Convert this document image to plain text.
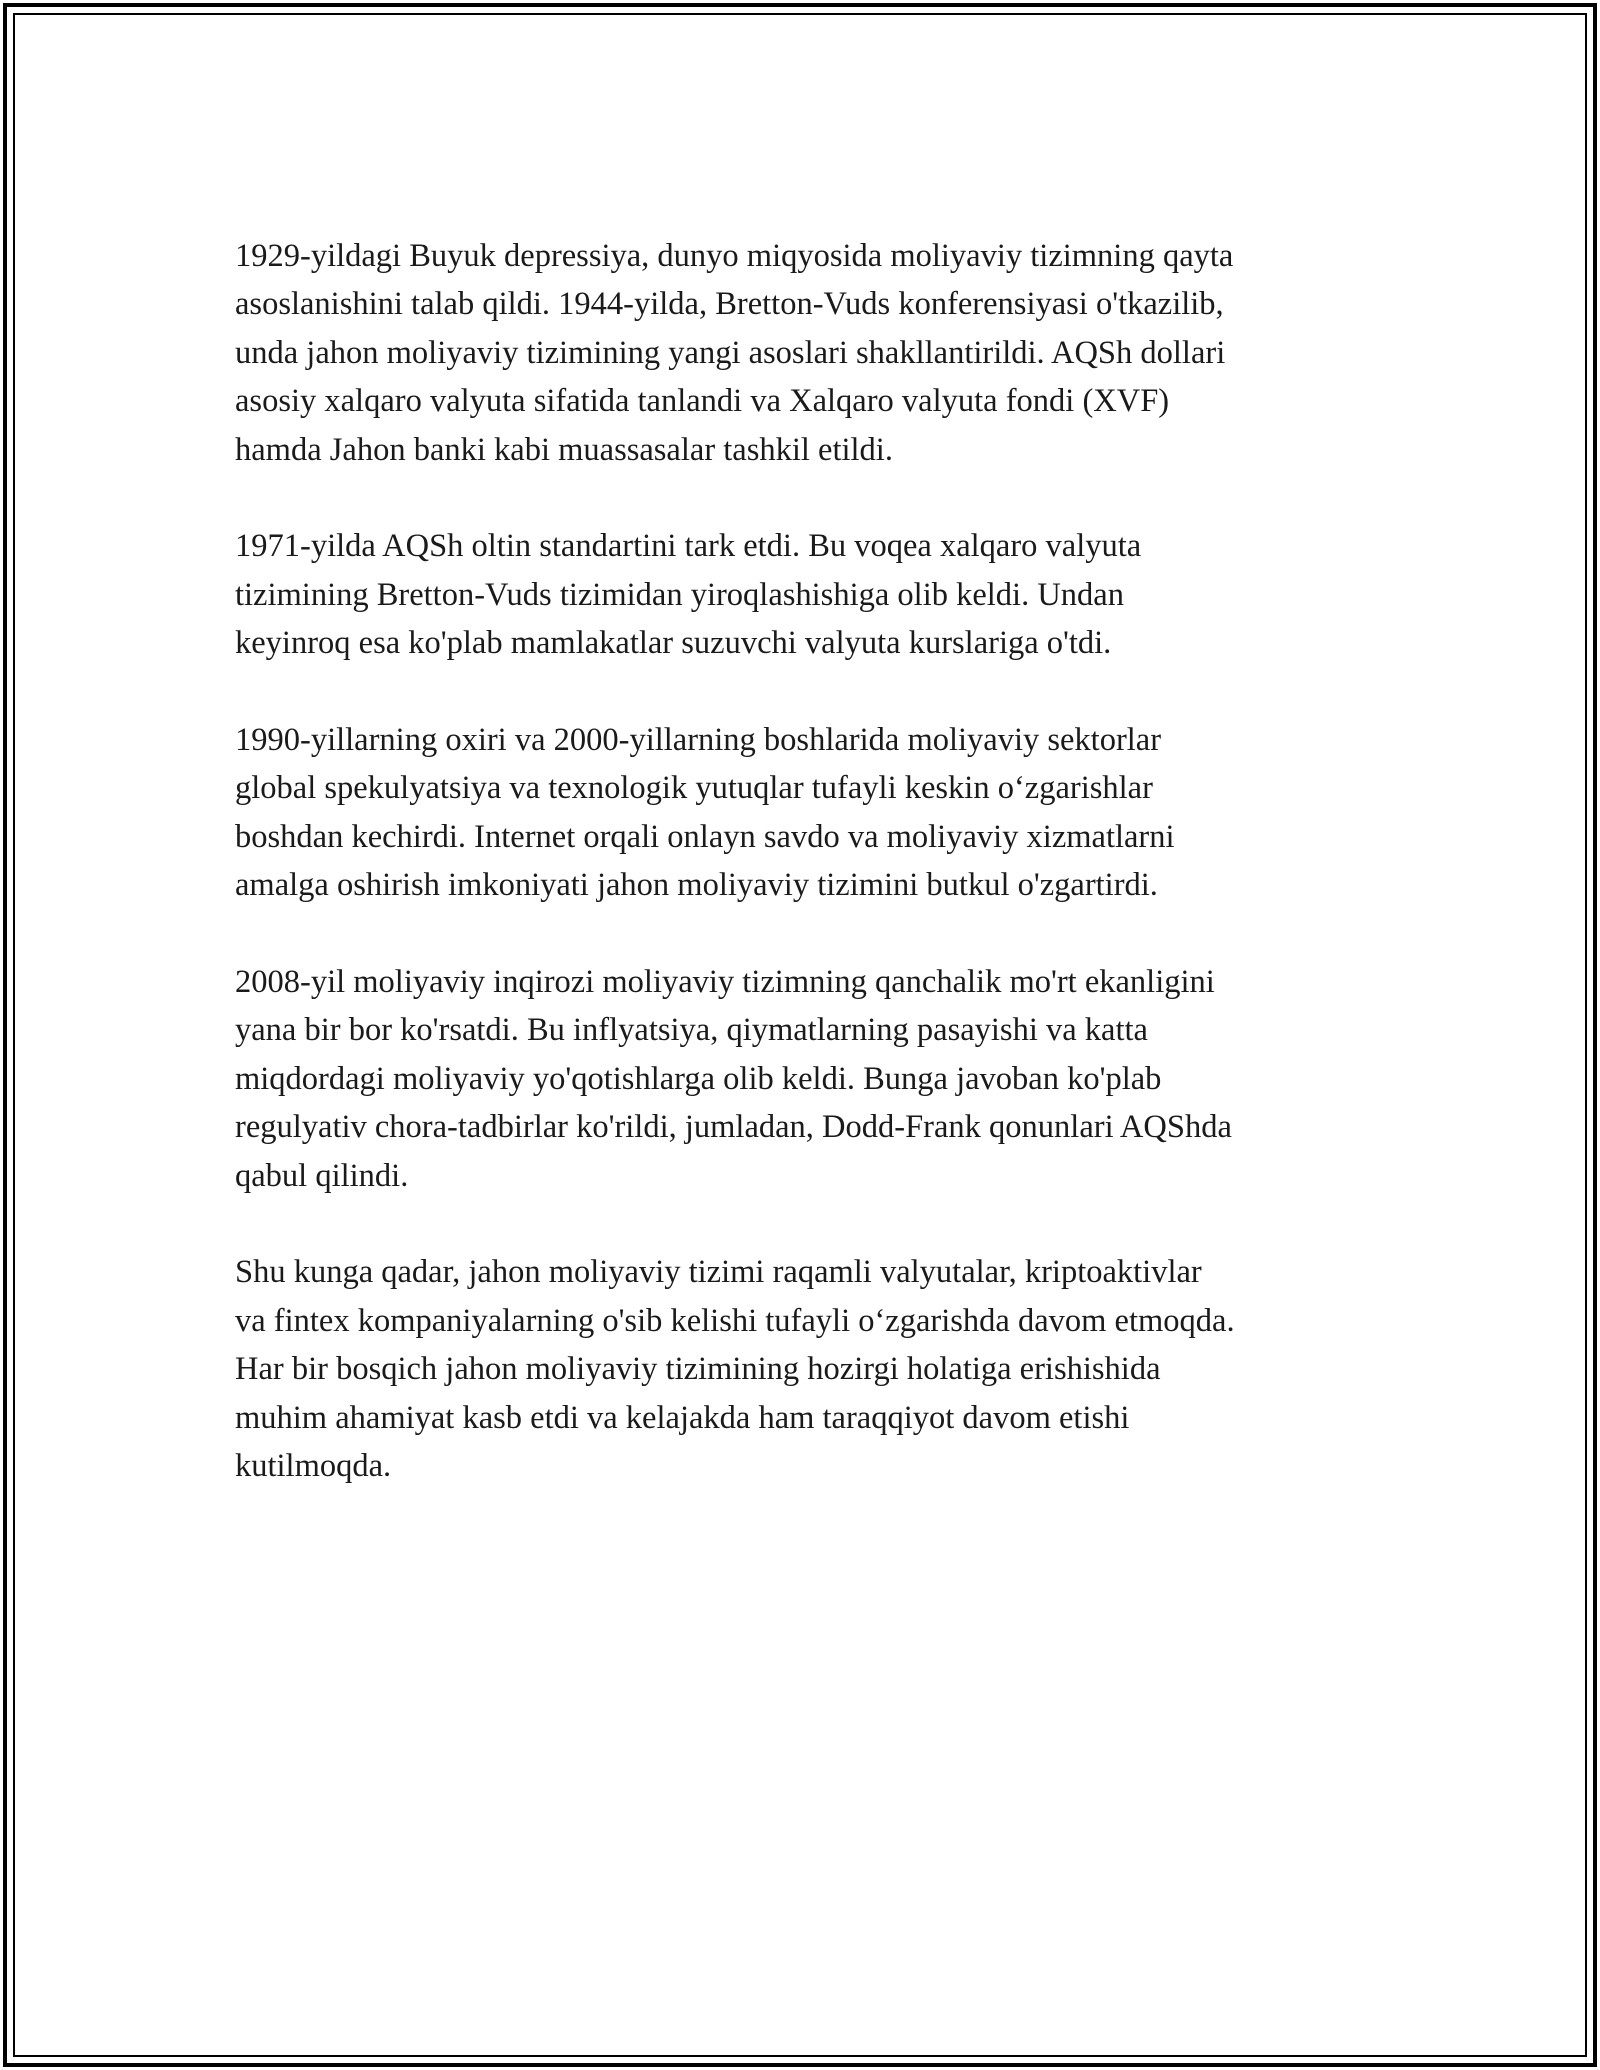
1929-yildagi Buyuk depressiya, dunyo miqyosida moliyaviy tizimning qayta
asoslanishini talab qildi. 1944-yilda, Bretton-Vuds konferensiyasi o'tkazilib,
unda jahon moliyaviy tizimining yangi asoslari shakllantirildi. AQSh dollari
asosiy xalqaro valyuta sifatida tanlandi va Xalqaro valyuta fondi (XVF)
hamda Jahon banki kabi muassasalar tashkil etildi.

1971-yilda AQSh oltin standartini tark etdi. Bu voqea xalqaro valyuta
tizimining Bretton-Vuds tizimidan yiroqlashishiga olib keldi. Undan
keyinroq esa ko'plab mamlakatlar suzuvchi valyuta kurslariga o'tdi.

1990-yillarning oxiri va 2000-yillarning boshlarida moliyaviy sektorlar
global spekulyatsiya va texnologik yutuqlar tufayli keskin o‘zgarishlar
boshdan kechirdi. Internet orqali onlayn savdo va moliyaviy xizmatlarni
amalga oshirish imkoniyati jahon moliyaviy tizimini butkul o'zgartirdi.

2008-yil moliyaviy inqirozi moliyaviy tizimning qanchalik mo'rt ekanligini
yana bir bor ko'rsatdi. Bu inflyatsiya, qiymatlarning pasayishi va katta
miqdordagi moliyaviy yo'qotishlarga olib keldi. Bunga javoban ko'plab
regulyativ chora-tadbirlar ko'rildi, jumladan, Dodd-Frank qonunlari AQShda
qabul qilindi.

Shu kunga qadar, jahon moliyaviy tizimi raqamli valyutalar, kriptoaktivlar
va fintex kompaniyalarning o'sib kelishi tufayli o‘zgarishda davom etmoqda.
Har bir bosqich jahon moliyaviy tizimining hozirgi holatiga erishishida
muhim ahamiyat kasb etdi va kelajakda ham taraqqiyot davom etishi
kutilmoqda.
